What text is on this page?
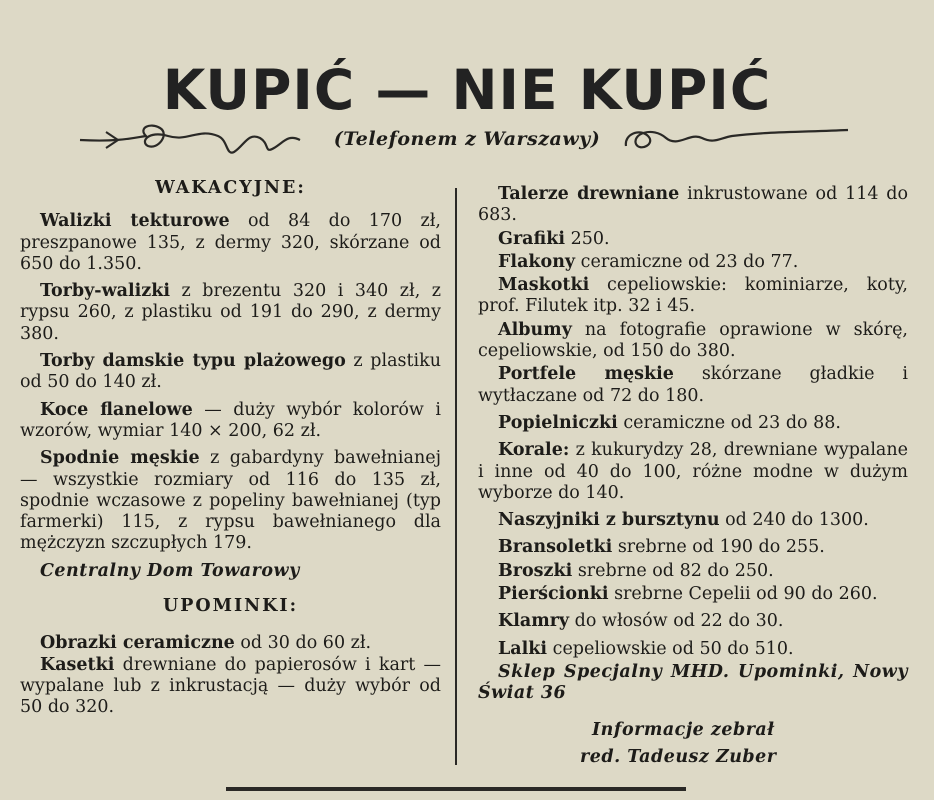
KUPIĆ — NIE KUPIĆ
(Telefonem z Warszawy)
WAKACYJNE:

Walizki tekturowe od 84 do 170 zł, preszpanowe 135, z dermy 320, skórzane od 650 do 1.350.

Torby-walizki z brezentu 320 i 340 zł, z rypsu 260, z plastiku od 191 do 290, z dermy 380.

Torby damskie typu plażowego z plastiku od 50 do 140 zł.

Koce flanelowe — duży wybór kolorów i wzorów, wymiar 140 × 200, 62 zł.

Spodnie męskie z gabardyny bawełnianej — wszystkie rozmiary od 116 do 135 zł, spodnie wczasowe z popeliny bawełnianej (typ farmerki) 115, z rypsu bawełnianego dla mężczyzn szczupłych 179.

Centralny Dom Towarowy

UPOMINKI:

Obrazki ceramiczne od 30 do 60 zł.

Kasetki drewniane do papierosów i kart — wypalane lub z inkrustacją — duży wybór od 50 do 320.

Talerze drewniane inkrustowane od 114 do 683.

Grafiki 250.

Flakony ceramiczne od 23 do 77.

Maskotki cepeliowskie: kominiarze, koty, prof. Filutek itp. 32 i 45.

Albumy na fotografie oprawione w skórę, cepeliowskie, od 150 do 380.

Portfele męskie skórzane gładkie i wytłaczane od 72 do 180.

Popielniczki ceramiczne od 23 do 88.

Korale: z kukurydzy 28, drewniane wypalane i inne od 40 do 100, różne modne w dużym wyborze do 140.

Naszyjniki z bursztynu od 240 do 1300.

Bransoletki srebrne od 190 do 255.

Broszki srebrne od 82 do 250.

Pierścionki srebrne Cepelii od 90 do 260.

Klamry do włosów od 22 do 30.

Lalki cepeliowskie od 50 do 510.

Sklep Specjalny MHD. Upominki, Nowy Świat 36

Informacje zebrał
red. Tadeusz Zuber
